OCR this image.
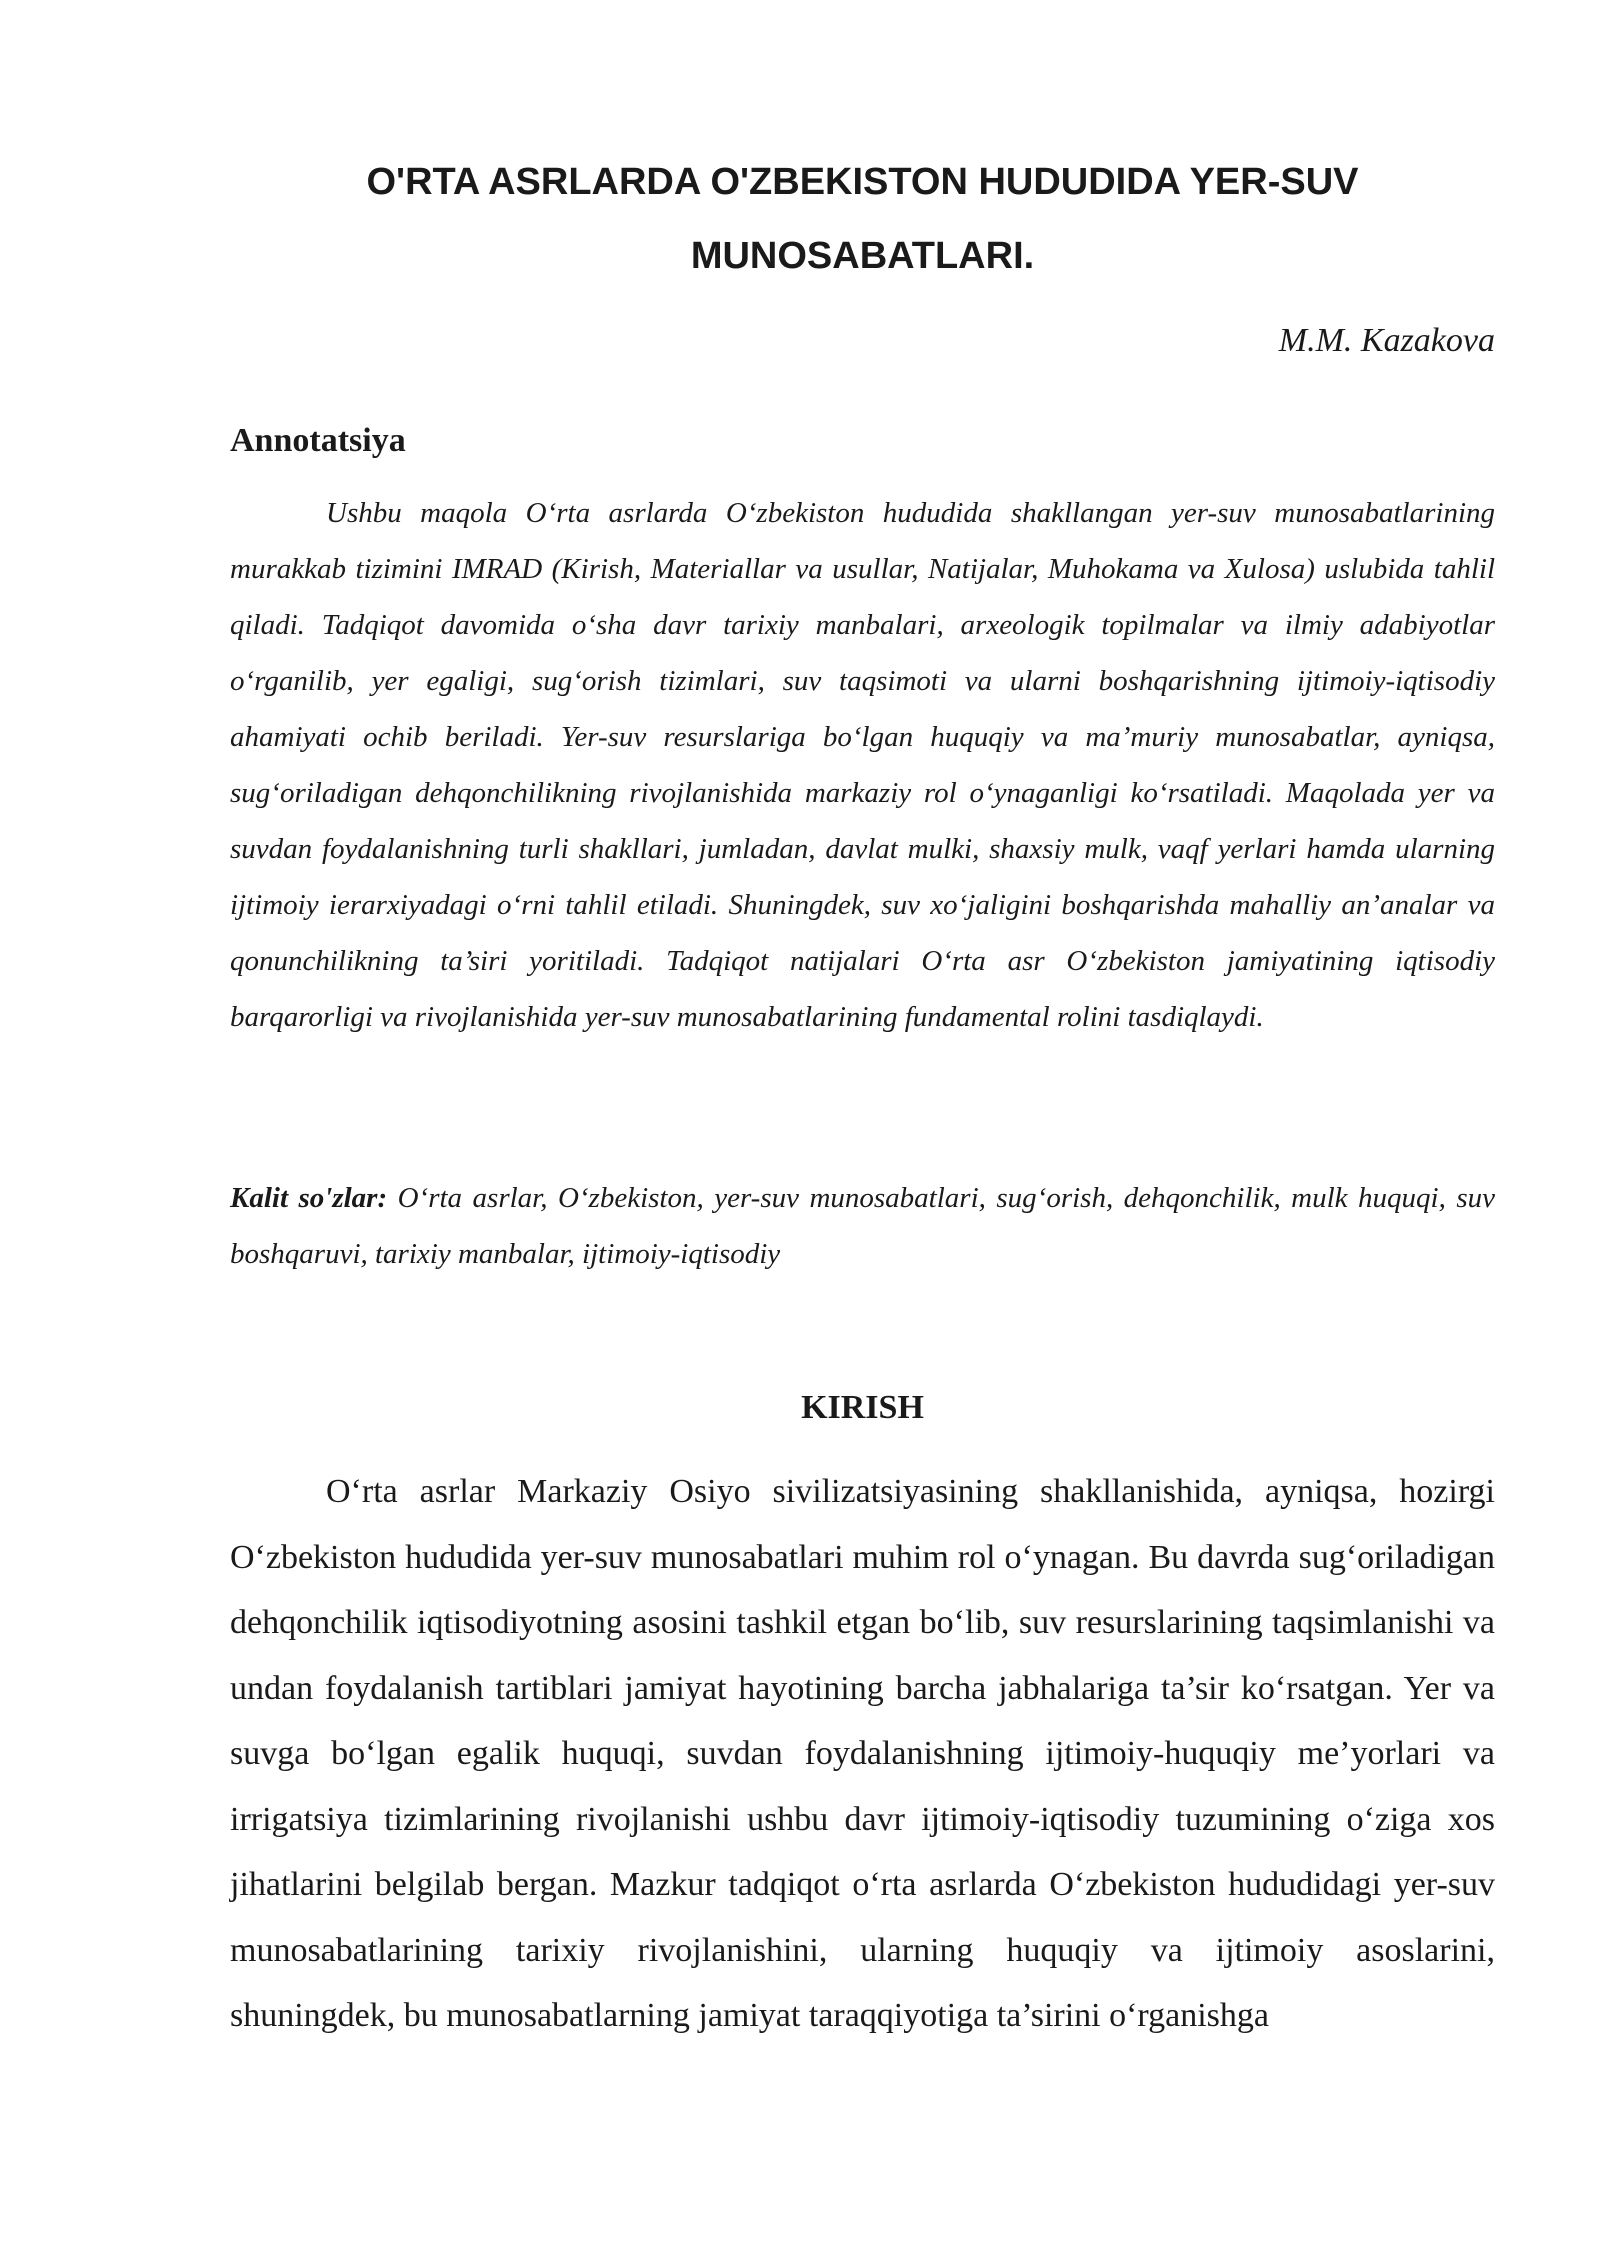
O'RTA ASRLARDA O'ZBEKISTON HUDUDIDA YER-SUV MUNOSABATLARI.
M.M. Kazakova
Annotatsiya

Ushbu maqola O‘rta asrlarda O‘zbekiston hududida shakllangan yer-suv munosabatlarining murakkab tizimini IMRAD (Kirish, Materiallar va usullar, Natijalar, Muhokama va Xulosa) uslubida tahlil qiladi. Tadqiqot davomida o‘sha davr tarixiy manbalari, arxeologik topilmalar va ilmiy adabiyotlar o‘rganilib, yer egaligi, sug‘orish tizimlari, suv taqsimoti va ularni boshqarishning ijtimoiy-iqtisodiy ahamiyati ochib beriladi. Yer-suv resurslariga bo‘lgan huquqiy va ma’muriy munosabatlar, ayniqsa, sug‘oriladigan dehqonchilikning rivojlanishida markaziy rol o‘ynaganligi ko‘rsatiladi. Maqolada yer va suvdan foydalanishning turli shakllari, jumladan, davlat mulki, shaxsiy mulk, vaqf yerlari hamda ularning ijtimoiy ierarxiyadagi o‘rni tahlil etiladi. Shuningdek, suv xo‘jaligini boshqarishda mahalliy an’analar va qonunchilikning ta’siri yoritiladi. Tadqiqot natijalari O‘rta asr O‘zbekiston jamiyatining iqtisodiy barqarorligi va rivojlanishida yer-suv munosabatlarining fundamental rolini tasdiqlaydi.

Kalit so'zlar: O‘rta asrlar, O‘zbekiston, yer-suv munosabatlari, sug‘orish, dehqonchilik, mulk huquqi, suv boshqaruvi, tarixiy manbalar, ijtimoiy-iqtisodiy

KIRISH

O‘rta asrlar Markaziy Osiyo sivilizatsiyasining shakllanishida, ayniqsa, hozirgi O‘zbekiston hududida yer-suv munosabatlari muhim rol o‘ynagan. Bu davrda sug‘oriladigan dehqonchilik iqtisodiyotning asosini tashkil etgan bo‘lib, suv resurslarining taqsimlanishi va undan foydalanish tartiblari jamiyat hayotining barcha jabhalariga ta’sir ko‘rsatgan. Yer va suvga bo‘lgan egalik huquqi, suvdan foydalanishning ijtimoiy-huquqiy me’yorlari va irrigatsiya tizimlarining rivojlanishi ushbu davr ijtimoiy-iqtisodiy tuzumining o‘ziga xos jihatlarini belgilab bergan. Mazkur tadqiqot o‘rta asrlarda O‘zbekiston hududidagi yer-suv munosabatlarining tarixiy rivojlanishini, ularning huquqiy va ijtimoiy asoslarini, shuningdek, bu munosabatlarning jamiyat taraqqiyotiga ta’sirini o‘rganishga
